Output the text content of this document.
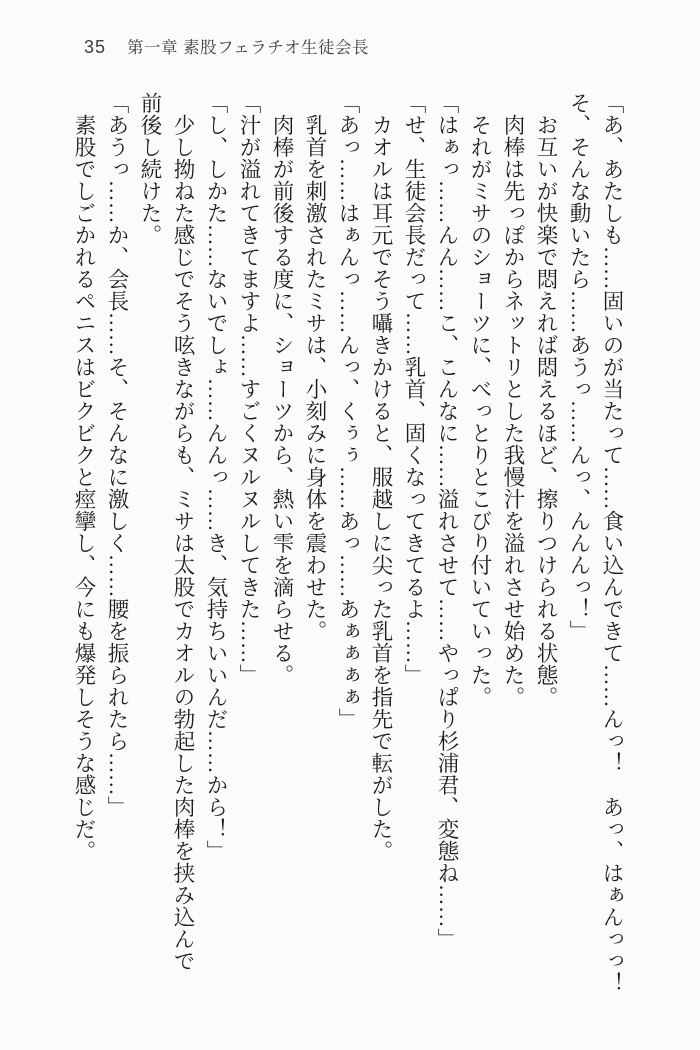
35 第一章 素股フェラチオ生徒会長
「あ、あたしも……固いのが当たって……食い込んできて……んっ！　あっ、はぁんっっ！
そ、そんな動いたら……あうっ……んっ、んんんっ！」
お互いが快楽で悶えれば悶えるほど、擦りつけられる状態。
肉棒は先っぽからネットリとした我慢汁を溢れさせ始めた。
それがミサのショーツに、べっとりとこびり付いていった。
「はぁっ……んん……こ、こんなに……溢れさせて……やっぱり杉浦君、変態ね……」
「せ、生徒会長だって……乳首、固くなってきてるよ……」
カオルは耳元でそう囁きかけると、服越しに尖った乳首を指先で転がした。
「あっ……はぁんっ……んっ、くぅぅ……あっ……あぁぁぁぁ」
乳首を刺激されたミサは、小刻みに身体を震わせた。
肉棒が前後する度に、ショーツから、熱い雫を滴らせる。
「汁が溢れてきてますよ……すごくヌルヌルしてきた……」
「し、しかた……ないでしょ……んんっ……き、気持ちいいんだ……から！」
少し拗ねた感じでそう呟きながらも、ミサは太股でカオルの勃起した肉棒を挟み込んで
前後し続けた。
「あうっ……か、会長……そ、そんなに激しく……腰を振られたら……」
素股でしごかれるペニスはビクビクと痙攣し、今にも爆発しそうな感じだ。
